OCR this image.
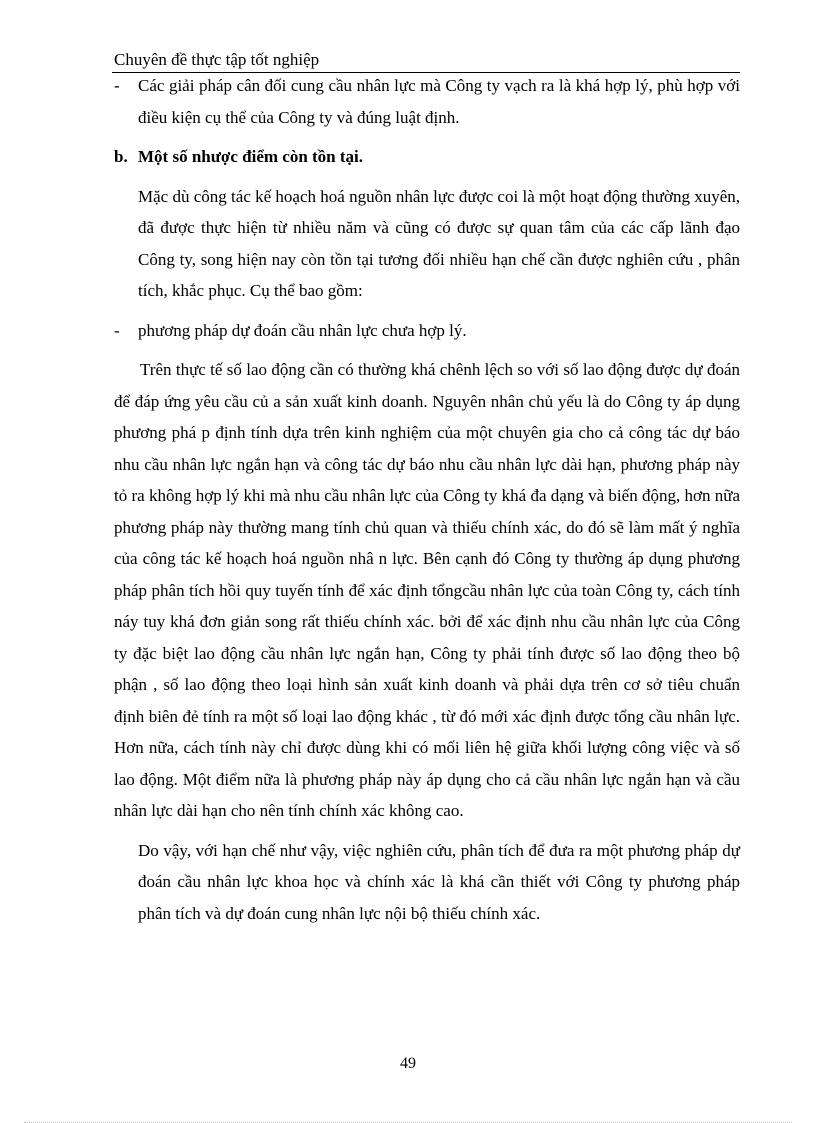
Chuyên đề thực tập tốt nghiệp

- Các giải pháp cân đối cung cầu nhân lực mà Công ty vạch ra là khá hợp lý, phù hợp với điều kiện cụ thể của Công ty và đúng luật định.

b. Một số nhược điểm còn tồn tại.

Mặc dù công tác kế hoạch hoá nguồn nhân lực được coi là một hoạt động thường xuyên, đã được thực hiện từ nhiều năm và cũng có được sự quan tâm của các cấp lãnh đạo Công ty, song hiện nay còn tồn tại tương đối nhiều hạn chế cần được nghiên cứu , phân tích, khắc phục. Cụ thể bao gồm:

- phương pháp dự đoán cầu nhân lực chưa hợp lý.

Trên thực tế số lao động cần có thường khá chênh lệch so với số lao động được dự đoán để đáp ứng yêu cầu củ a sản xuất kinh doanh. Nguyên nhân chủ yếu là do Công ty áp dụng phương phá p định tính dựa trên kinh nghiệm của một chuyên gia cho cả công tác dự báo nhu cầu nhân lực ngắn hạn và công tác dự báo nhu cầu nhân lực dài hạn, phương pháp này tỏ ra không hợp lý khi mà nhu cầu nhân lực của Công ty khá đa dạng và biến động, hơn nữa phương pháp này thường mang tính chủ quan và thiếu chính xác, do đó sẽ làm mất ý nghĩa của công tác kế hoạch hoá nguồn nhâ n lực. Bên cạnh đó Công ty thường áp dụng phương pháp phân tích hồi quy tuyến tính để xác định tổngcầu nhân lực của toàn Công ty, cách tính náy tuy khá đơn giản song rất thiếu chính xác. bởi để xác định nhu cầu nhân lực của Công ty đặc biệt lao động cầu nhân lực ngắn hạn, Công ty phải tính được số lao động theo bộ phận , số lao động theo loại hình sản xuất kinh doanh và phải dựa trên cơ sở tiêu chuẩn định biên đẻ tính ra một số loại lao động khác , từ đó mới xác định được tổng cầu nhân lực. Hơn nữa, cách tính này chỉ được dùng khi có mối liên hệ giữa khối lượng công việc và số lao động. Một điểm nữa là phương pháp này áp dụng cho cả cầu nhân lực ngắn hạn và cầu nhân lực dài hạn cho nên tính chính xác không cao.

Do vậy, với hạn chế như vậy, việc nghiên cứu, phân tích để đưa ra một phương pháp dự đoán cầu nhân lực khoa học và chính xác là khá cần thiết với Công ty phương pháp phân tích và dự đoán cung nhân lực nội bộ thiếu chính xác.

49
